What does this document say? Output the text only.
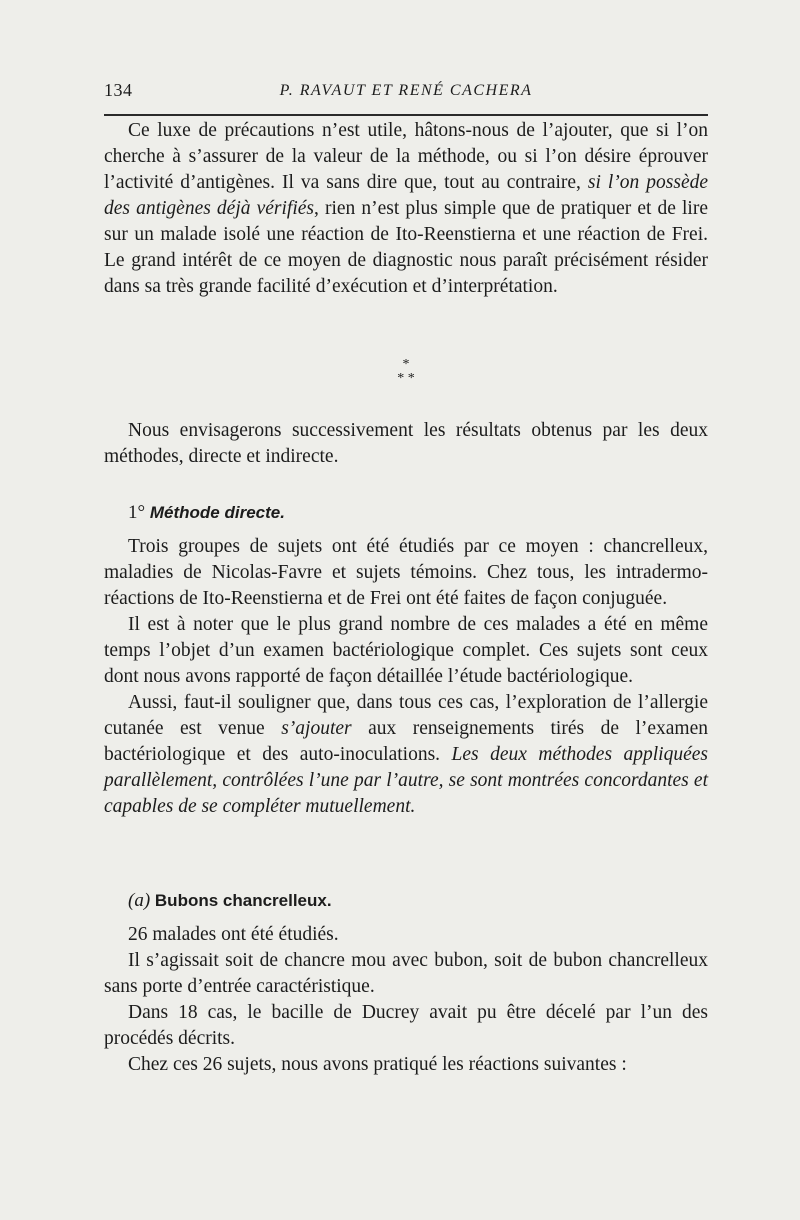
134	P. RAVAUT ET RENÉ CACHERA

Ce luxe de précautions n’est utile, hâtons-nous de l’ajouter, que si l’on cherche à s’assurer de la valeur de la méthode, ou si l’on désire éprouver l’activité d’antigènes. Il va sans dire que, tout au contraire, si l’on possède des antigènes déjà vérifiés, rien n’est plus simple que de pratiquer et de lire sur un malade isolé une réaction de Ito-Reenstierna et une réaction de Frei. Le grand intérêt de ce moyen de diagnostic nous paraît précisément résider dans sa très grande facilité d’exécution et d’interprétation.

*
* *

Nous envisagerons successivement les résultats obtenus par les deux méthodes, directe et indirecte.

1° Méthode directe.

Trois groupes de sujets ont été étudiés par ce moyen : chancrelleux, maladies de Nicolas-Favre et sujets témoins. Chez tous, les intradermo-réactions de Ito-Reenstierna et de Frei ont été faites de façon conjuguée.

Il est à noter que le plus grand nombre de ces malades a été en même temps l’objet d’un examen bactériologique complet. Ces sujets sont ceux dont nous avons rapporté de façon détaillée l’étude bactériologique.

Aussi, faut-il souligner que, dans tous ces cas, l’exploration de l’allergie cutanée est venue s’ajouter aux renseignements tirés de l’examen bactériologique et des auto-inoculations. Les deux méthodes appliquées parallèlement, contrôlées l’une par l’autre, se sont montrées concordantes et capables de se compléter mutuellement.

(a) Bubons chancrelleux.

26 malades ont été étudiés.

Il s’agissait soit de chancre mou avec bubon, soit de bubon chancrelleux sans porte d’entrée caractéristique.

Dans 18 cas, le bacille de Ducrey avait pu être décelé par l’un des procédés décrits.

Chez ces 26 sujets, nous avons pratiqué les réactions suivantes :
